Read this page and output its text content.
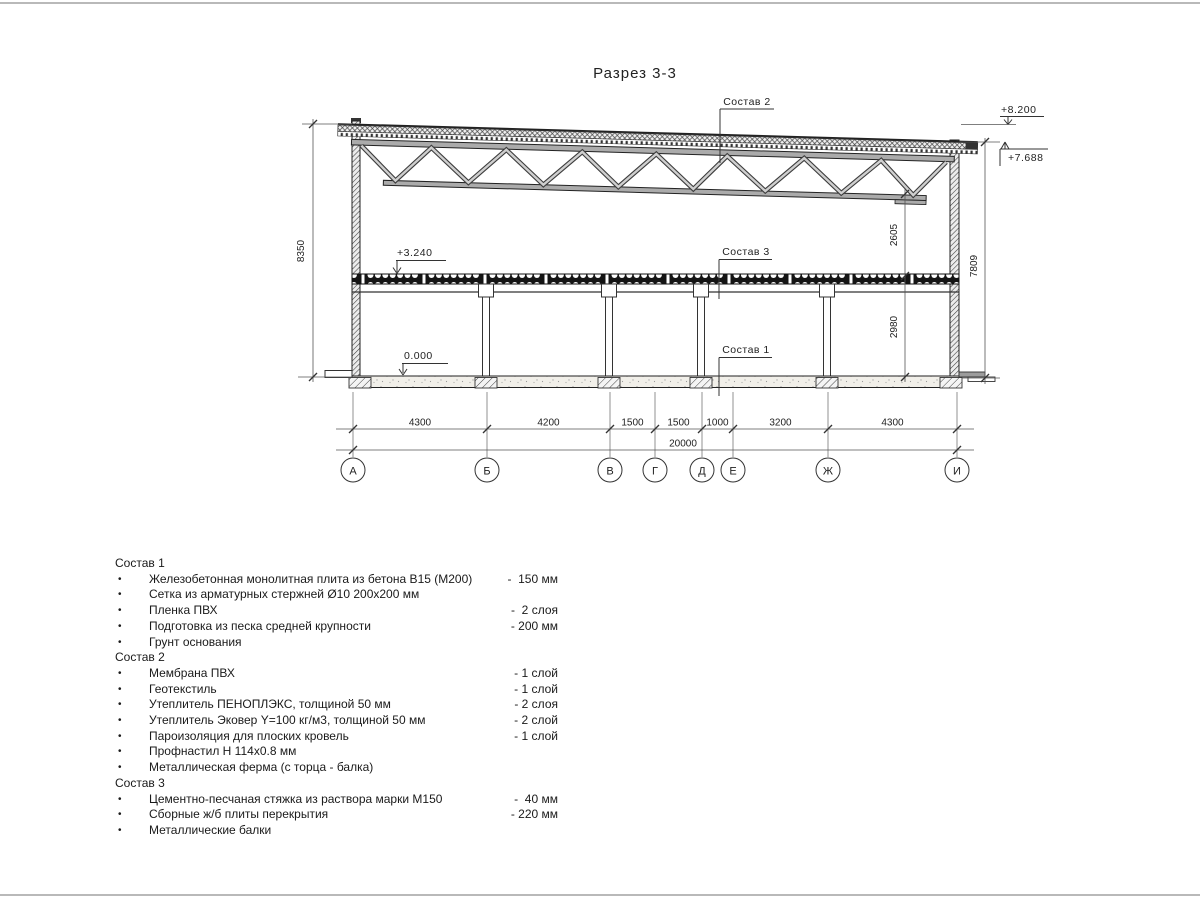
Разрез 3-3
Состав 2
Состав 3
Состав 1
+8.200
+7.688
+3.240
0.000
8350
2605
2980
7809
4300	4200	1500 1500 1000	3200	4300
20000
А	Б	В	Г	Д Е	Ж	И
Состав 1
•	Железобетонная монолитная плита из бетона В15 (М200)	-  150 мм
•	Сетка из арматурных стержней Ø10 200x200 мм
•	Пленка ПВХ	-  2 слоя
•	Подготовка из песка средней крупности	- 200 мм
•	Грунт основания
Состав 2
•	Мембрана ПВХ	- 1 слой
•	Геотекстиль	- 1 слой
•	Утеплитель ПЕНОПЛЭКС, толщиной 50 мм	- 2 слоя
•	Утеплитель Эковер Y=100 кг/м3, толщиной 50 мм	- 2 слой
•	Пароизоляция для плоских кровель	- 1 слой
•	Профнастил Н 114x0.8 мм
•	Металлическая ферма (с торца - балка)
Состав 3
•	Цементно-песчаная стяжка из раствора марки М150	-  40 мм
•	Сборные ж/б плиты перекрытия	- 220 мм
•	Металлические балки
